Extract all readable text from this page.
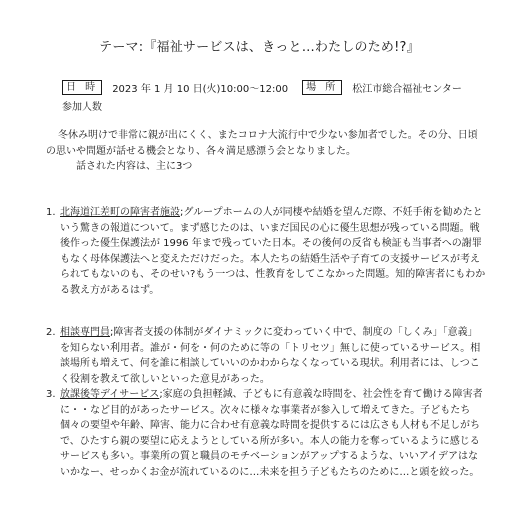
テーマ:『福祉サービスは、きっと…わたしのため!?』
日 時	2023 年 1 月 10 日(火)10:00～12:00	場 所	松江市総合福祉センター
参加人数

冬休み明けで非常に親が出にくく、またコロナ大流行中で少ない参加者でした。その分、日頃の思いや問題が話せる機会となり、各々満足感漂う会となりました。

話された内容は、主に3つ

1. 北海道江差町の障害者施設;グループホームの人が同棲や結婚を望んだ際、不妊手術を勧めたという驚きの報道について。まず感じたのは、いまだ国民の心に優生思想が残っている問題。戦後作った優生保護法が 1996 年まで残っていた日本。その後何の反省も検証も当事者への謝罪もなく母体保護法へと変えただけだった。本人たちの結婚生活や子育ての支援サービスが考えられてもないのも、そのせい?もう一つは、性教育をしてこなかった問題。知的障害者にもわかる教え方があるはず。
2. 相談専門員;障害者支援の体制がダイナミックに変わっていく中で、制度の「しくみ」「意義」を知らない利用者。誰が・何を・何のために等の「トリセツ」無しに使っているサービス。相談場所も増えて、何を誰に相談していいのかわからなくなっている現状。利用者には、しつこく役割を教えて欲しいといった意見があった。
3. 放課後等デイサービス;家庭の負担軽減、子どもに有意義な時間を、社会性を育て働ける障害者に・・など目的があったサービス。次々に様々な事業者が参入して増えてきた。子どもたち個々の要望や年齢、障害、能力に合わせ有意義な時間を提供するには広さも人材も不足しがちで、ひたすら親の要望に応えようとしている所が多い。本人の能力を奪っているように感じるサービスも多い。事業所の質と職員のモチベーションがアップするような、いいアイデアはないかなー、せっかくお金が流れているのに…未来を担う子どもたちのために…と頭を絞った。
